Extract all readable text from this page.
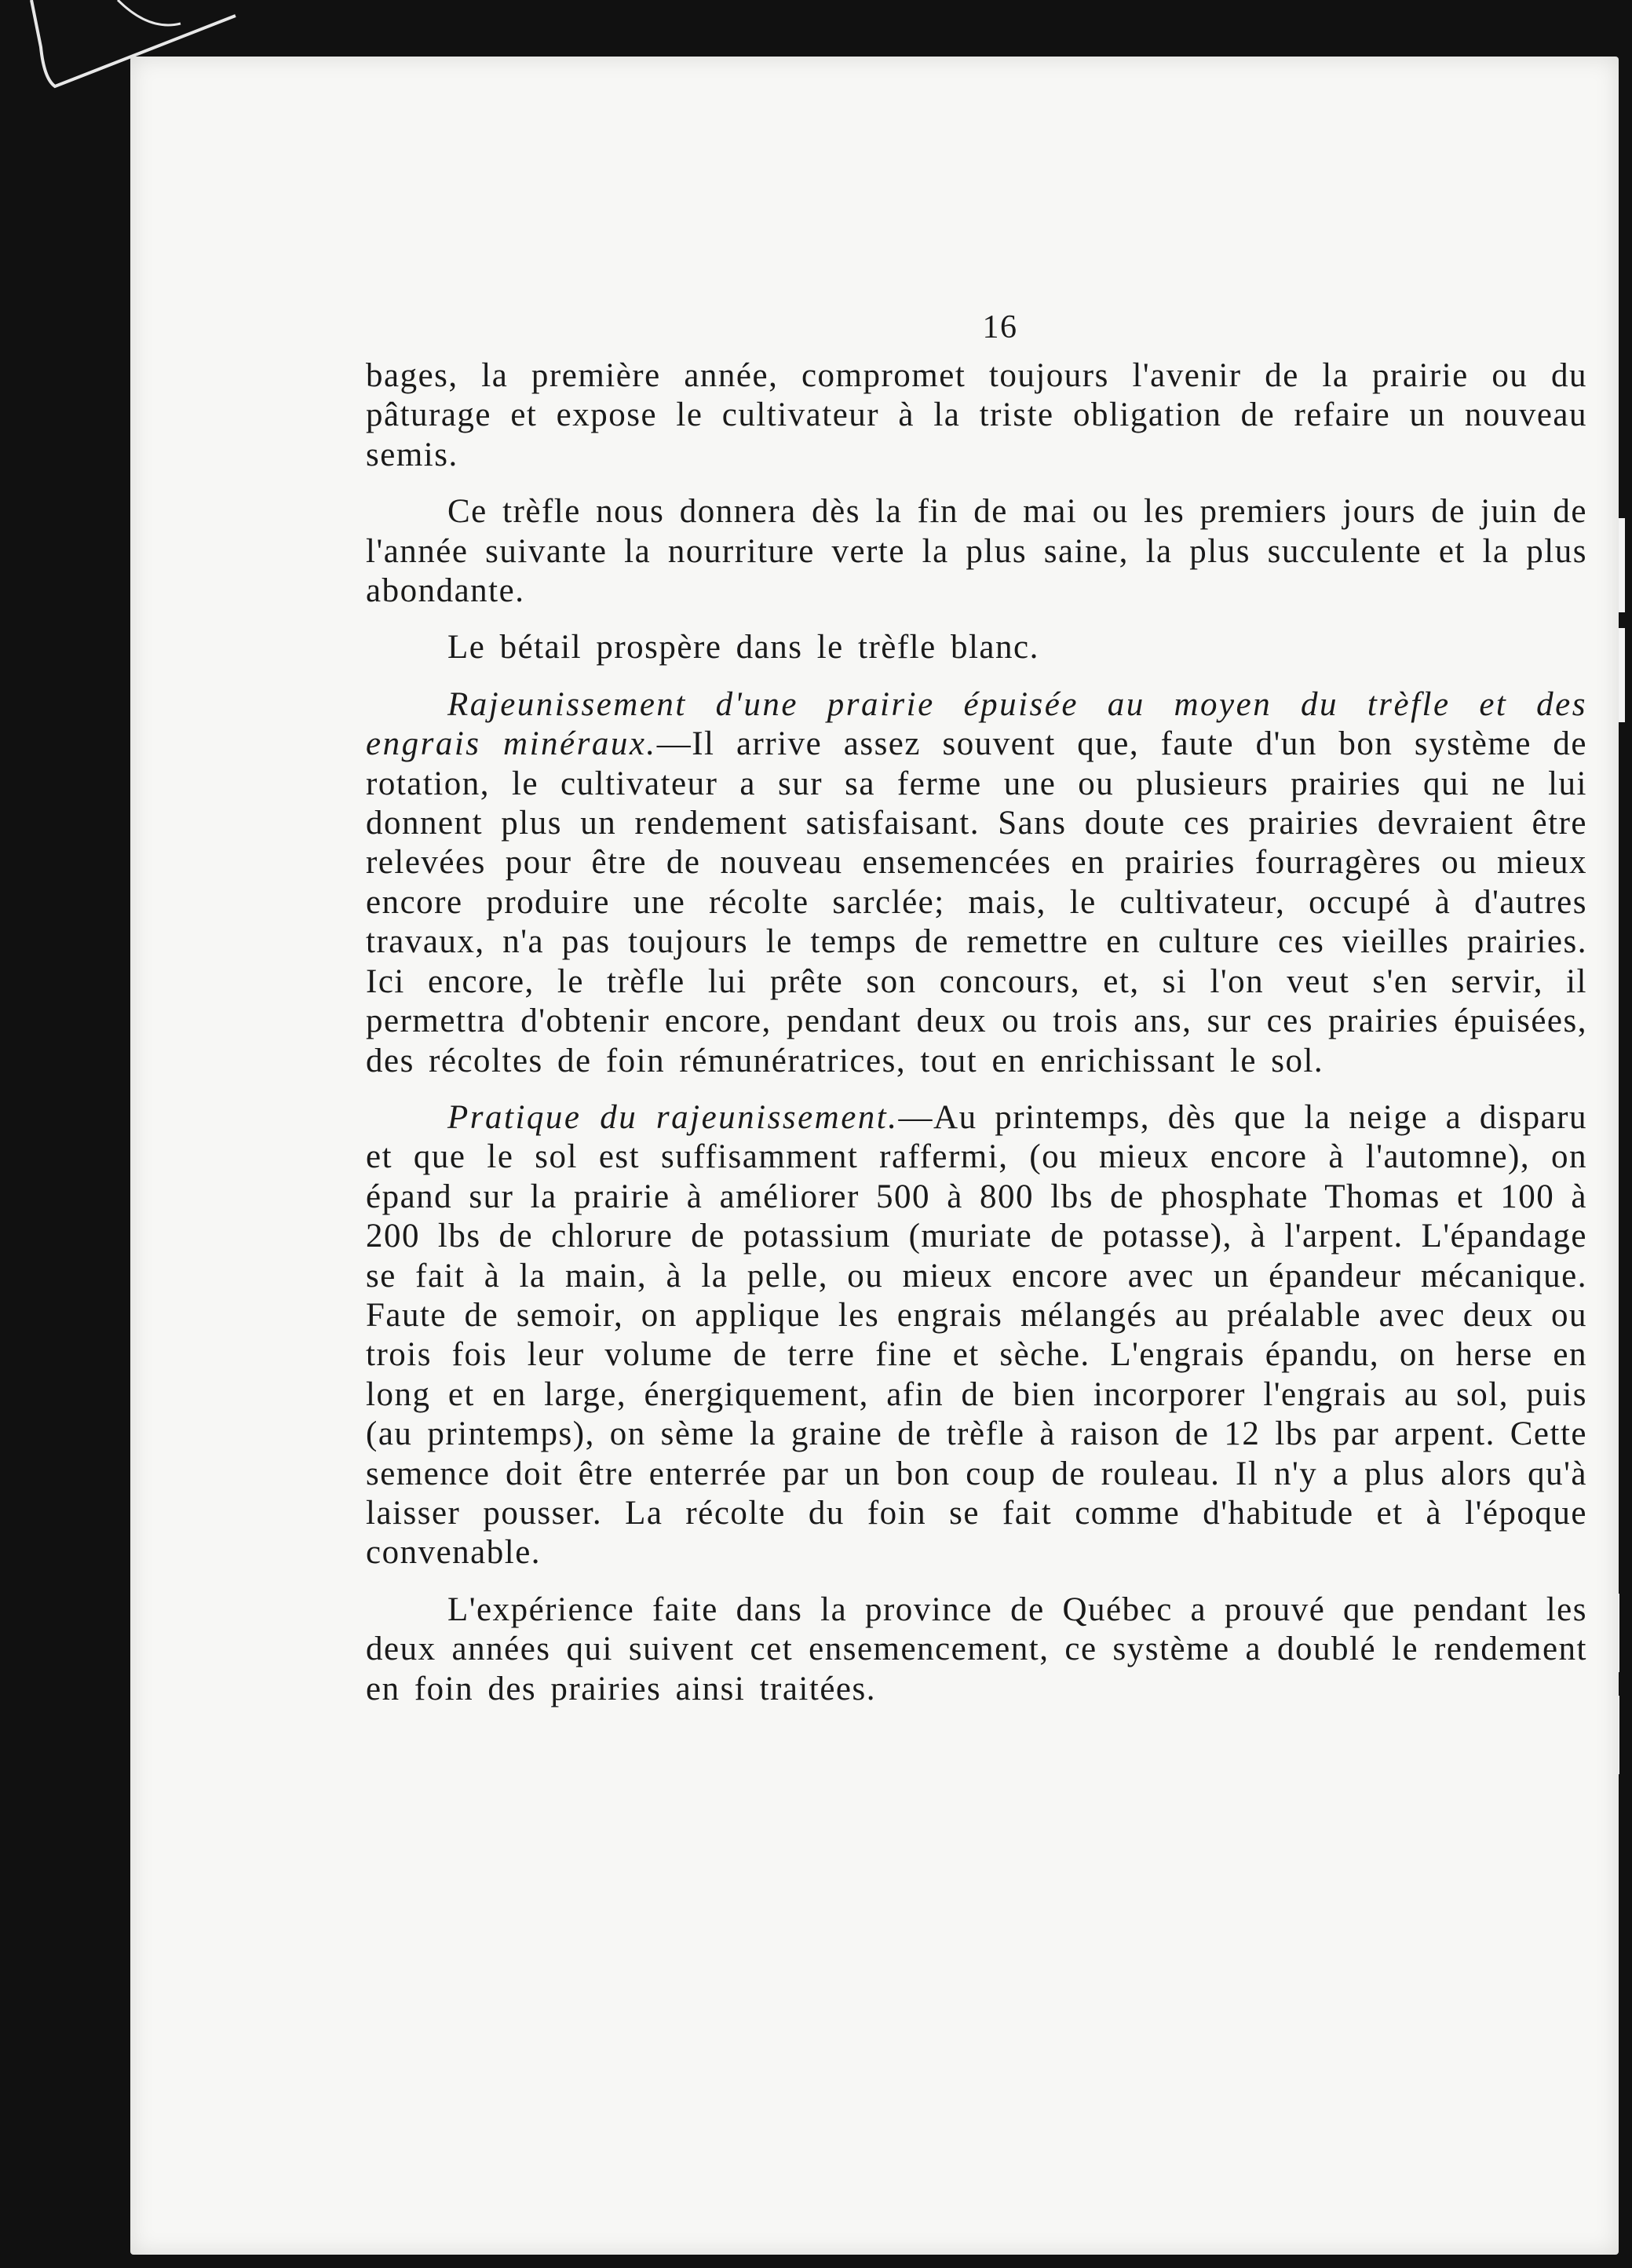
16

bages, la première année, compromet toujours l'avenir de la prairie ou du pâturage et expose le cultivateur à la triste obligation de refaire un nouveau semis.

Ce trèfle nous donnera dès la fin de mai ou les premiers jours de juin de l'année suivante la nourriture verte la plus saine, la plus succulente et la plus abondante.

Le bétail prospère dans le trèfle blanc.

Rajeunissement d'une prairie épuisée au moyen du trèfle et des engrais minéraux.—Il arrive assez souvent que, faute d'un bon système de rotation, le cultivateur a sur sa ferme une ou plusieurs prairies qui ne lui donnent plus un rendement satisfaisant. Sans doute ces prairies devraient être relevées pour être de nouveau ensemencées en prairies fourragères ou mieux encore produire une récolte sarclée; mais, le cultivateur, occupé à d'autres travaux, n'a pas toujours le temps de remettre en culture ces vieilles prairies. Ici encore, le trèfle lui prête son concours, et, si l'on veut s'en servir, il permettra d'obtenir encore, pendant deux ou trois ans, sur ces prairies épuisées, des récoltes de foin rémunératrices, tout en enrichissant le sol.

Pratique du rajeunissement.—Au printemps, dès que la neige a disparu et que le sol est suffisamment raffermi, (ou mieux encore à l'automne), on épand sur la prairie à améliorer 500 à 800 lbs de phosphate Thomas et 100 à 200 lbs de chlorure de potassium (muriate de potasse), à l'arpent. L'épandage se fait à la main, à la pelle, ou mieux encore avec un épandeur mécanique. Faute de semoir, on applique les engrais mélangés au préalable avec deux ou trois fois leur volume de terre fine et sèche. L'engrais épandu, on herse en long et en large, énergiquement, afin de bien incorporer l'engrais au sol, puis (au printemps), on sème la graine de trèfle à raison de 12 lbs par arpent. Cette semence doit être enterrée par un bon coup de rouleau. Il n'y a plus alors qu'à laisser pousser. La récolte du foin se fait comme d'habitude et à l'époque convenable.

L'expérience faite dans la province de Québec a prouvé que pendant les deux années qui suivent cet ensemencement, ce système a doublé le rendement en foin des prairies ainsi traitées.
